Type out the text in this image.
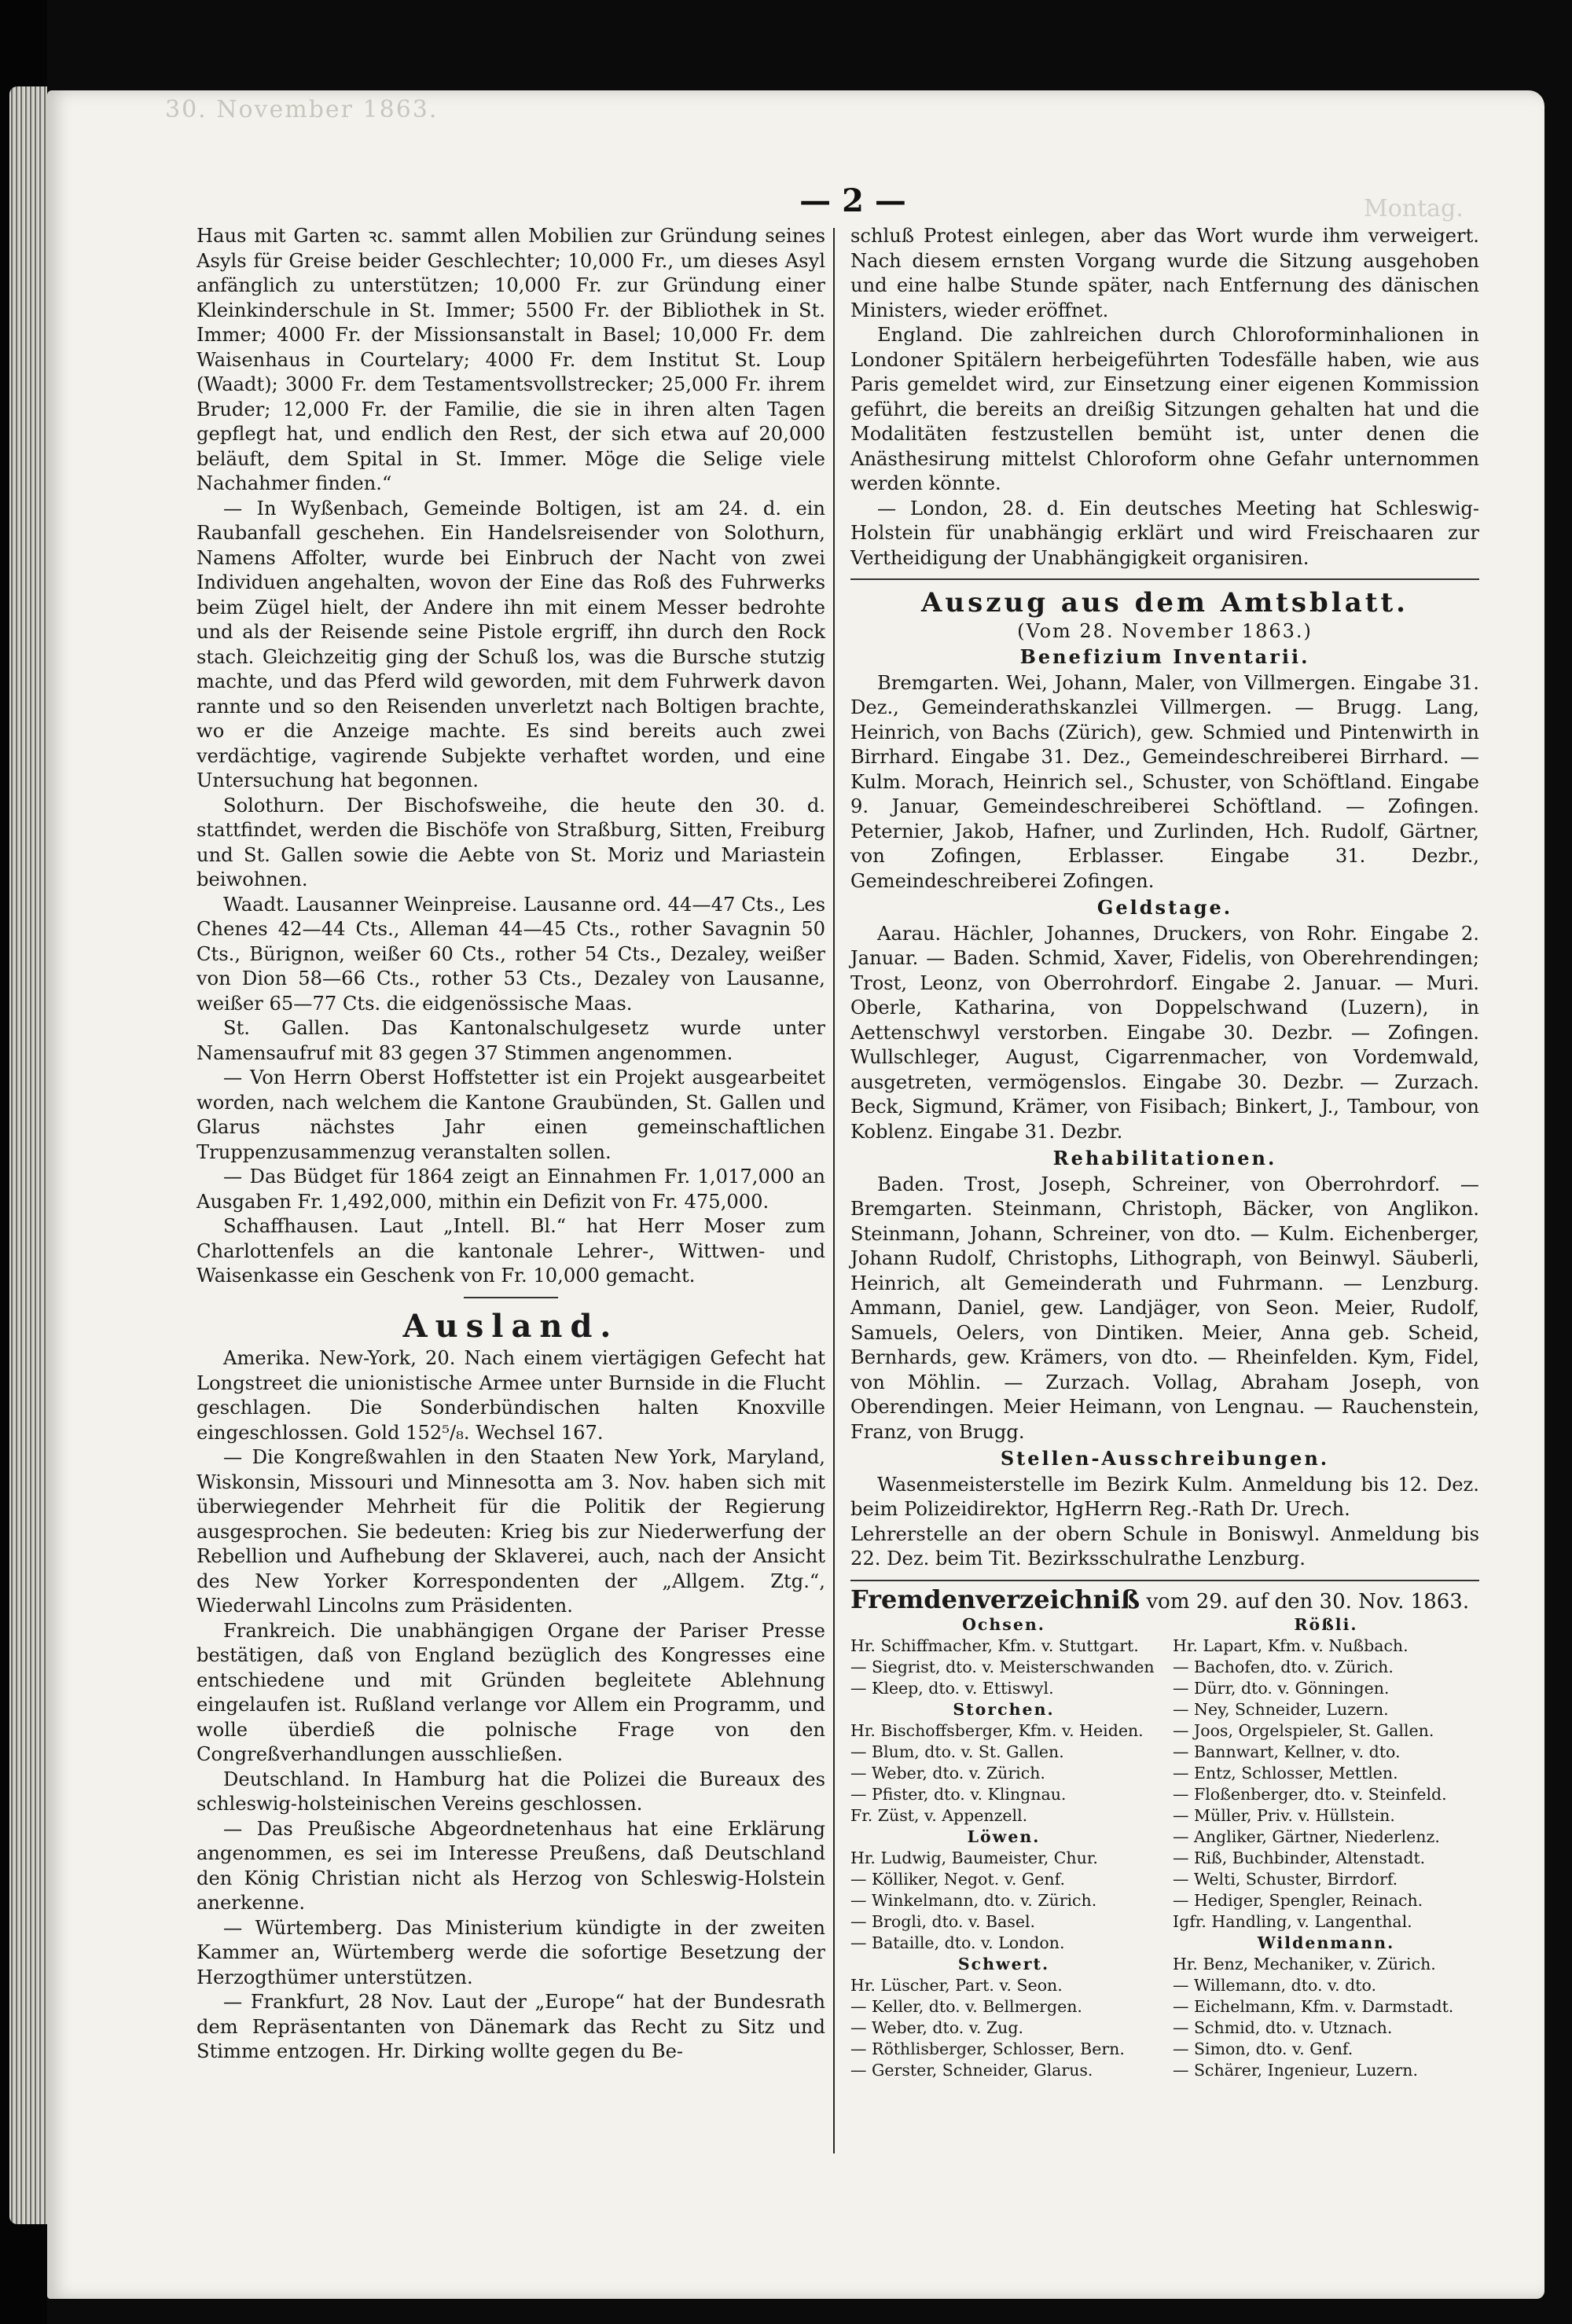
30. November 1863.
Montag.
— 2 —

Haus mit Garten ꝛc. sammt allen Mobilien zur Gründung seines Asyls für Greise beider Geschlechter; 10,000 Fr., um dieses Asyl anfänglich zu unterstützen; 10,000 Fr. zur Gründung einer Kleinkinderschule in St. Immer; 5500 Fr. der Bibliothek in St. Immer; 4000 Fr. der Missionsanstalt in Basel; 10,000 Fr. dem Waisenhaus in Courtelary; 4000 Fr. dem Institut St. Loup (Waadt); 3000 Fr. dem Testamentsvollstrecker; 25,000 Fr. ihrem Bruder; 12,000 Fr. der Familie, die sie in ihren alten Tagen gepflegt hat, und endlich den Rest, der sich etwa auf 20,000 beläuft, dem Spital in St. Immer. Möge die Selige viele Nachahmer finden.“

— In Wyßenbach, Gemeinde Boltigen, ist am 24. d. ein Raubanfall geschehen. Ein Handelsreisender von Solothurn, Namens Affolter, wurde bei Einbruch der Nacht von zwei Individuen angehalten, wovon der Eine das Roß des Fuhrwerks beim Zügel hielt, der Andere ihn mit einem Messer bedrohte und als der Reisende seine Pistole ergriff, ihn durch den Rock stach. Gleichzeitig ging der Schuß los, was die Bursche stutzig machte, und das Pferd wild geworden, mit dem Fuhrwerk davon rannte und so den Reisenden unverletzt nach Boltigen brachte, wo er die Anzeige machte. Es sind bereits auch zwei verdächtige, vagirende Subjekte verhaftet worden, und eine Untersuchung hat begonnen.

Solothurn. Der Bischofsweihe, die heute den 30. d. stattfindet, werden die Bischöfe von Straßburg, Sitten, Freiburg und St. Gallen sowie die Aebte von St. Moriz und Mariastein beiwohnen.

Waadt. Lausanner Weinpreise. Lausanne ord. 44—47 Cts., Les Chenes 42—44 Cts., Alleman 44—45 Cts., rother Savagnin 50 Cts., Bürignon, weißer 60 Cts., rother 54 Cts., Dezaley, weißer von Dion 58—66 Cts., rother 53 Cts., Dezaley von Lausanne, weißer 65—77 Cts. die eidgenössische Maas.

St. Gallen. Das Kantonalschulgesetz wurde unter Namensaufruf mit 83 gegen 37 Stimmen angenommen.

— Von Herrn Oberst Hoffstetter ist ein Projekt ausgearbeitet worden, nach welchem die Kantone Graubünden, St. Gallen und Glarus nächstes Jahr einen gemeinschaftlichen Truppenzusammenzug veranstalten sollen.

— Das Büdget für 1864 zeigt an Einnahmen Fr. 1,017,000 an Ausgaben Fr. 1,492,000, mithin ein Defizit von Fr. 475,000.

Schaffhausen. Laut „Intell. Bl.“ hat Herr Moser zum Charlottenfels an die kantonale Lehrer-, Wittwen- und Waisenkasse ein Geschenk von Fr. 10,000 gemacht.

Ausland.

Amerika. New-York, 20. Nach einem viertägigen Gefecht hat Longstreet die unionistische Armee unter Burnside in die Flucht geschlagen. Die Sonderbündischen halten Knoxville eingeschlossen. Gold 152⁵/₈. Wechsel 167.

— Die Kongreßwahlen in den Staaten New York, Maryland, Wiskonsin, Missouri und Minnesotta am 3. Nov. haben sich mit überwiegender Mehrheit für die Politik der Regierung ausgesprochen. Sie bedeuten: Krieg bis zur Niederwerfung der Rebellion und Aufhebung der Sklaverei, auch, nach der Ansicht des New Yorker Korrespondenten der „Allgem. Ztg.“, Wiederwahl Lincolns zum Präsidenten.

Frankreich. Die unabhängigen Organe der Pariser Presse bestätigen, daß von England bezüglich des Kongresses eine entschiedene und mit Gründen begleitete Ablehnung eingelaufen ist. Rußland verlange vor Allem ein Programm, und wolle überdieß die polnische Frage von den Congreßverhandlungen ausschließen.

Deutschland. In Hamburg hat die Polizei die Bureaux des schleswig-holsteinischen Vereins geschlossen.

— Das Preußische Abgeordnetenhaus hat eine Erklärung angenommen, es sei im Interesse Preußens, daß Deutschland den König Christian nicht als Herzog von Schleswig-Holstein anerkenne.

— Würtemberg. Das Ministerium kündigte in der zweiten Kammer an, Würtemberg werde die sofortige Besetzung der Herzogthümer unterstützen.

— Frankfurt, 28 Nov. Laut der „Europe“ hat der Bundesrath dem Repräsentanten von Dänemark das Recht zu Sitz und Stimme entzogen. Hr. Dirking wollte gegen du Be-

schluß Protest einlegen, aber das Wort wurde ihm verweigert. Nach diesem ernsten Vorgang wurde die Sitzung ausgehoben und eine halbe Stunde später, nach Entfernung des dänischen Ministers, wieder eröffnet.

England. Die zahlreichen durch Chloroforminhalionen in Londoner Spitälern herbeigeführten Todesfälle haben, wie aus Paris gemeldet wird, zur Einsetzung einer eigenen Kommission geführt, die bereits an dreißig Sitzungen gehalten hat und die Modalitäten festzustellen bemüht ist, unter denen die Anästhesirung mittelst Chloroform ohne Gefahr unternommen werden könnte.

— London, 28. d. Ein deutsches Meeting hat Schleswig-Holstein für unabhängig erklärt und wird Freischaaren zur Vertheidigung der Unabhängigkeit organisiren.

Auszug aus dem Amtsblatt.
(Vom 28. November 1863.)
Benefizium Inventarii.

Bremgarten. Wei, Johann, Maler, von Villmergen. Eingabe 31. Dez., Gemeinderathskanzlei Villmergen. — Brugg. Lang, Heinrich, von Bachs (Zürich), gew. Schmied und Pintenwirth in Birrhard. Eingabe 31. Dez., Gemeindeschreiberei Birrhard. — Kulm. Morach, Heinrich sel., Schuster, von Schöftland. Eingabe 9. Januar, Gemeindeschreiberei Schöftland. — Zofingen. Peternier, Jakob, Hafner, und Zurlinden, Hch. Rudolf, Gärtner, von Zofingen, Erblasser. Eingabe 31. Dezbr., Gemeindeschreiberei Zofingen.

Geldstage.

Aarau. Hächler, Johannes, Druckers, von Rohr. Eingabe 2. Januar. — Baden. Schmid, Xaver, Fidelis, von Oberehrendingen; Trost, Leonz, von Oberrohrdorf. Eingabe 2. Januar. — Muri. Oberle, Katharina, von Doppelschwand (Luzern), in Aettenschwyl verstorben. Eingabe 30. Dezbr. — Zofingen. Wullschleger, August, Cigarrenmacher, von Vordemwald, ausgetreten, vermögenslos. Eingabe 30. Dezbr. — Zurzach. Beck, Sigmund, Krämer, von Fisibach; Binkert, J., Tambour, von Koblenz. Eingabe 31. Dezbr.

Rehabilitationen.

Baden. Trost, Joseph, Schreiner, von Oberrohrdorf. — Bremgarten. Steinmann, Christoph, Bäcker, von Anglikon. Steinmann, Johann, Schreiner, von dto. — Kulm. Eichenberger, Johann Rudolf, Christophs, Lithograph, von Beinwyl. Säuberli, Heinrich, alt Gemeinderath und Fuhrmann. — Lenzburg. Ammann, Daniel, gew. Landjäger, von Seon. Meier, Rudolf, Samuels, Oelers, von Dintiken. Meier, Anna geb. Scheid, Bernhards, gew. Krämers, von dto. — Rheinfelden. Kym, Fidel, von Möhlin. — Zurzach. Vollag, Abraham Joseph, von Oberendingen. Meier Heimann, von Lengnau. — Rauchenstein, Franz, von Brugg.

Stellen-Ausschreibungen.

Wasenmeisterstelle im Bezirk Kulm. Anmeldung bis 12. Dez. beim Polizeidirektor, HgHerrn Reg.-Rath Dr. Urech.
Lehrerstelle an der obern Schule in Boniswyl. Anmeldung bis 22. Dez. beim Tit. Bezirksschulrathe Lenzburg.

Fremdenverzeichniß vom 29. auf den 30. Nov. 1863.
Ochsen.
Hr. Schiffmacher, Kfm. v. Stuttgart.
— Siegrist, dto. v. Meisterschwanden
— Kleep, dto. v. Ettiswyl.
Storchen.
Hr. Bischoffsberger, Kfm. v. Heiden.
— Blum, dto. v. St. Gallen.
— Weber, dto. v. Zürich.
— Pfister, dto. v. Klingnau.
Fr. Züst, v. Appenzell.
Löwen.
Hr. Ludwig, Baumeister, Chur.
— Kölliker, Negot. v. Genf.
— Winkelmann, dto. v. Zürich.
— Brogli, dto. v. Basel.
— Bataille, dto. v. London.
Schwert.
Hr. Lüscher, Part. v. Seon.
— Keller, dto. v. Bellmergen.
— Weber, dto. v. Zug.
— Röthlisberger, Schlosser, Bern.
— Gerster, Schneider, Glarus.
Rößli.
Hr. Lapart, Kfm. v. Nußbach.
— Bachofen, dto. v. Zürich.
— Dürr, dto. v. Gönningen.
— Ney, Schneider, Luzern.
— Joos, Orgelspieler, St. Gallen.
— Bannwart, Kellner, v. dto.
— Entz, Schlosser, Mettlen.
— Floßenberger, dto. v. Steinfeld.
— Müller, Priv. v. Hüllstein.
— Angliker, Gärtner, Niederlenz.
— Riß, Buchbinder, Altenstadt.
— Welti, Schuster, Birrdorf.
— Hediger, Spengler, Reinach.
Igfr. Handling, v. Langenthal.
Wildenmann.
Hr. Benz, Mechaniker, v. Zürich.
— Willemann, dto. v. dto.
— Eichelmann, Kfm. v. Darmstadt.
— Schmid, dto. v. Utznach.
— Simon, dto. v. Genf.
— Schärer, Ingenieur, Luzern.
